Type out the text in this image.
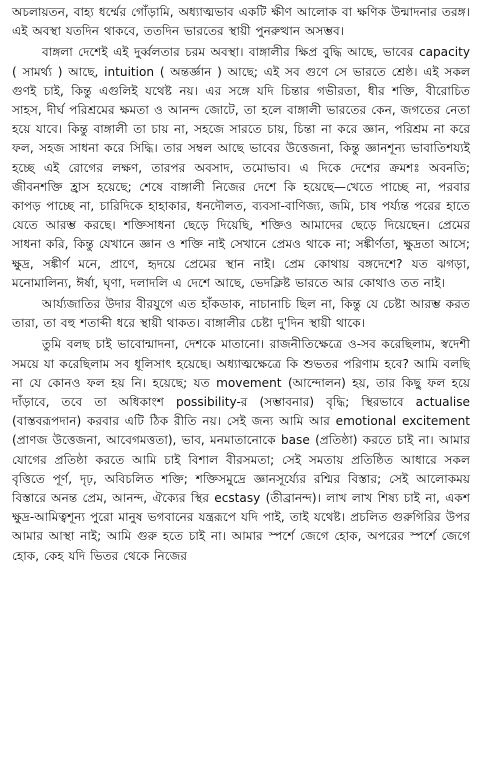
অচলায়তন, বাহ্য ধর্ম্মের গোঁড়ামি, অধ্যাত্মভাব একটি ক্ষীণ আলোক বা ক্ষণিক উন্মাদনার তরঙ্গ। এই অবস্থা যতদিন থাকবে, ততদিন ভারতের স্থায়ী পুনরুত্থান অসম্ভব।

বাঙ্গলা দেশেই এই দুর্ব্বলতার চরম অবস্থা। বাঙ্গালীর ক্ষিপ্র বুদ্ধি আছে, ভাবের capacity ( সামর্থ্য ) আছে, intuition ( অন্তর্জ্ঞান ) আছে; এই সব গুণে সে ভারতে শ্রেষ্ঠ। এই সকল গুণই চাই, কিন্তু এগুলিই যথেষ্ট নয়। এর সঙ্গে যদি চিন্তার গভীরতা, ধীর শক্তি, বীরোচিত সাহস, দীর্ঘ পরিশ্রমের ক্ষমতা ও আনন্দ জোটে, তা হলে বাঙ্গালী ভারতের কেন, জগতের নেতা হয়ে যাবে। কিন্তু বাঙ্গালী তা চায় না, সহজে সারতে চায়, চিন্তা না করে জ্ঞান, পরিশ্রম না করে ফল, সহজ সাধনা করে সিদ্ধি। তার সম্বল আছে ভাবের উত্তেজনা, কিন্তু জ্ঞানশূন্য ভাবাতিশয্যই হচ্ছে এই রোগের লক্ষণ, তারপর অবসাদ, তমোভাব। এ দিকে দেশের ক্রমশঃ অবনতি; জীবনশক্তি হ্রাস হয়েছে; শেষে বাঙ্গালী নিজের দেশে কি হয়েছে—খেতে পাচ্ছে না, পরবার কাপড় পাচ্ছে না, চারিদিকে হাহাকার, ধনদৌলত, ব্যবসা-বাণিজ্য, জমি, চাষ পর্য্যন্ত পরের হাতে যেতে আরম্ভ করছে। শক্তিসাধনা ছেড়ে দিয়েছি, শক্তিও আমাদের ছেড়ে দিয়েছেন। প্রেমের সাধনা করি, কিন্তু যেখানে জ্ঞান ও শক্তি নাই সেখানে প্রেমও থাকে না; সঙ্কীর্ণতা, ক্ষুদ্রতা আসে; ক্ষুদ্র, সঙ্কীর্ণ মনে, প্রাণে, হৃদয়ে প্রেমের স্থান নাই। প্রেম কোথায় বঙ্গদেশে? যত ঝগড়া, মনোমালিন্য, ঈর্ষা, ঘৃণা, দলাদলি এ দেশে আছে, ভেদক্লিষ্ট ভারতে আর কোথাও তত নাই।

আর্য্যজাতির উদার বীরযুগে এত হাঁকডাক, নাচানাচি ছিল না, কিন্তু যে চেষ্টা আরম্ভ করত তারা, তা বহু শতাব্দী ধরে স্থায়ী থাকত। বাঙ্গালীর চেষ্টা দু'দিন স্থায়ী থাকে।

তুমি বলছ চাই ভাবোন্মাদনা, দেশকে মাতানো। রাজনীতিক্ষেত্রে ও-সব করেছিলাম, স্বদেশী সময়ে যা করেছিলাম সব ধূলিসাৎ হয়েছে। অধ্যাত্মক্ষেত্রে কি শুভতর পরিণাম হবে? আমি বলছি না যে কোনও ফল হয় নি। হয়েছে; যত movement (আন্দোলন) হয়, তার কিছু ফল হয়ে দাঁড়াবে, তবে তা অধিকাংশ possibility-র (সম্ভাবনার) বৃদ্ধি; স্থিরভাবে actualise (বাস্তবরূপদান) করবার এটি ঠিক রীতি নয়। সেই জন্য আমি আর emotional excitement (প্রাণজ উত্তেজনা, আবেগমত্ততা), ভাব, মনমাতানোকে base (প্রতিষ্ঠা) করতে চাই না। আমার যোগের প্রতিষ্ঠা করতে আমি চাই বিশাল বীরসমতা; সেই সমতায় প্রতিষ্ঠিত আধারে সকল বৃত্তিতে পূর্ণ, দৃঢ়, অবিচলিত শক্তি; শক্তিসমুদ্রে জ্ঞানসূর্য্যের রশ্মির বিস্তার; সেই আলোকময় বিস্তারে অনন্ত প্রেম, আনন্দ, ঐক্যের স্থির ecstasy (তীব্রানন্দ)। লাখ লাখ শিষ্য চাই না, একশ ক্ষুদ্র-আমিত্বশূন্য পুরো মানুষ ভগবানের যন্ত্ররূপে যদি পাই, তাই যথেষ্ট। প্রচলিত গুরুগিরির উপর আমার আস্থা নাই; আমি গুরু হতে চাই না। আমার স্পর্শে জেগে হোক, অপরের স্পর্শে জেগে হোক, কেহ যদি ভিতর থেকে নিজের
